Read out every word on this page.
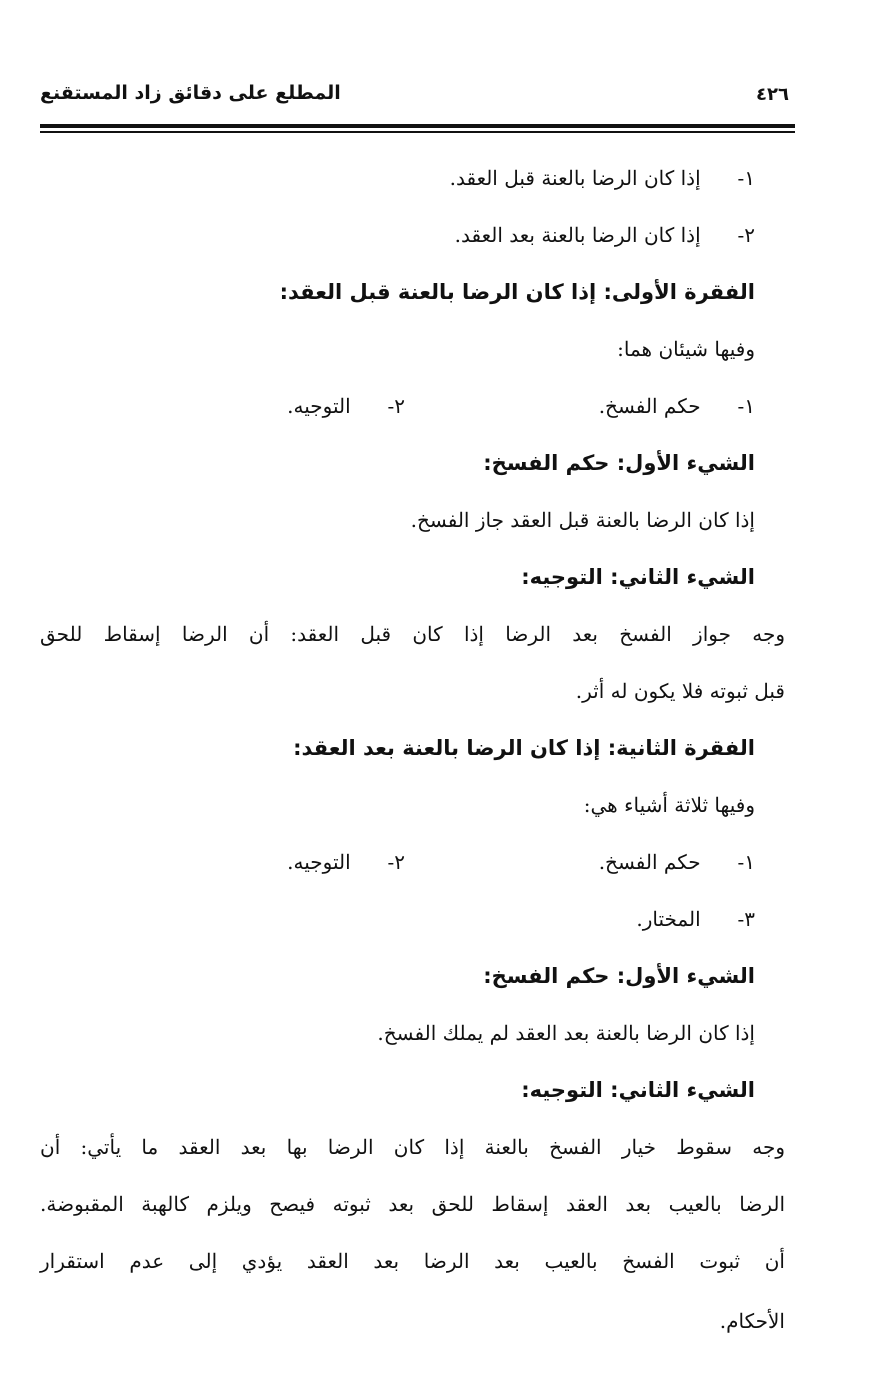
المطلع على دقائق زاد المستقنع	٤٢٦
١- إذا كان الرضا بالعنة قبل العقد.
٢- إذا كان الرضا بالعنة بعد العقد.
الفقرة الأولى: إذا كان الرضا بالعنة قبل العقد:
وفيها شيئان هما:
١- حكم الفسخ.
٢- التوجيه.
الشيء الأول: حكم الفسخ:
إذا كان الرضا بالعنة قبل العقد جاز الفسخ.
الشيء الثاني: التوجيه:
وجه جواز الفسخ بعد الرضا إذا كان قبل العقد: أن الرضا إسقاط للحق
قبل ثبوته فلا يكون له أثر.
الفقرة الثانية: إذا كان الرضا بالعنة بعد العقد:
وفيها ثلاثة أشياء هي:
١- حكم الفسخ.
٢- التوجيه.
٣- المختار.
الشيء الأول: حكم الفسخ:
إذا كان الرضا بالعنة بعد العقد لم يملك الفسخ.
الشيء الثاني: التوجيه:
وجه سقوط خيار الفسخ بالعنة إذا كان الرضا بها بعد العقد ما يأتي: أن
الرضا بالعيب بعد العقد إسقاط للحق بعد ثبوته فيصح ويلزم كالهبة المقبوضة.
أن ثبوت الفسخ بالعيب بعد الرضا بعد العقد يؤدي إلى عدم استقرار
الأحكام.
